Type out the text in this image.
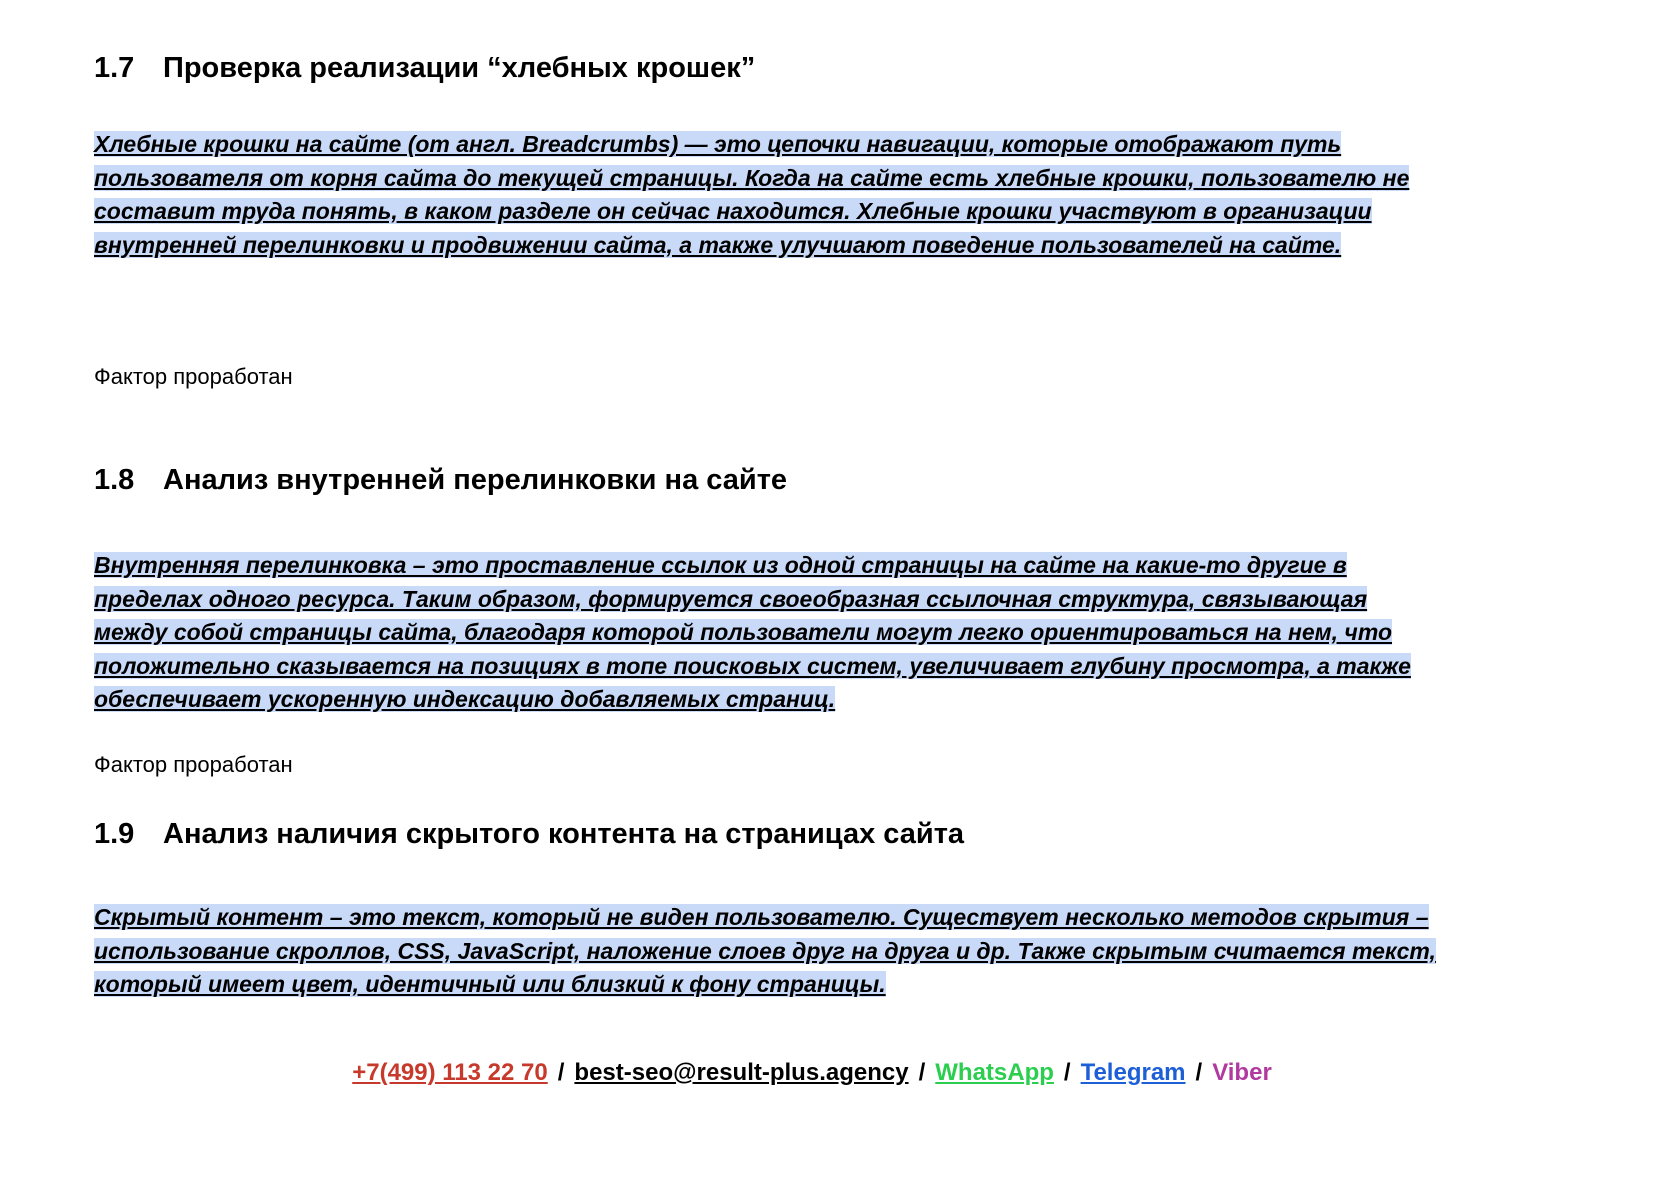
1.7 Проверка реализации “хлебных крошек”

Хлебные крошки на сайте (от англ. Breadcrumbs) — это цепочки навигации, которые отображают путь пользователя от корня сайта до текущей страницы. Когда на сайте есть хлебные крошки, пользователю не составит труда понять, в каком разделе он сейчас находится. Хлебные крошки участвуют в организации внутренней перелинковки и продвижении сайта, а также улучшают поведение пользователей на сайте.

Фактор проработан
1.8 Анализ внутренней перелинковки на сайте

Внутренняя перелинковка – это проставление ссылок из одной страницы на сайте на какие-то другие в пределах одного ресурса. Таким образом, формируется своеобразная ссылочная структура, связывающая между собой страницы сайта, благодаря которой пользователи могут легко ориентироваться на нем, что положительно сказывается на позициях в топе поисковых систем, увеличивает глубину просмотра, а также обеспечивает ускоренную индексацию добавляемых страниц.

Фактор проработан
1.9 Анализ наличия скрытого контента на страницах сайта

Скрытый контент – это текст, который не виден пользователю. Существует несколько методов скрытия – использование скроллов, CSS, JavaScript, наложение слоев друг на друга и др. Также скрытым считается текст, который имеет цвет, идентичный или близкий к фону страницы.

+7(499) 113 22 70 / best-seo@result-plus.agency / WhatsApp / Telegram / Viber
